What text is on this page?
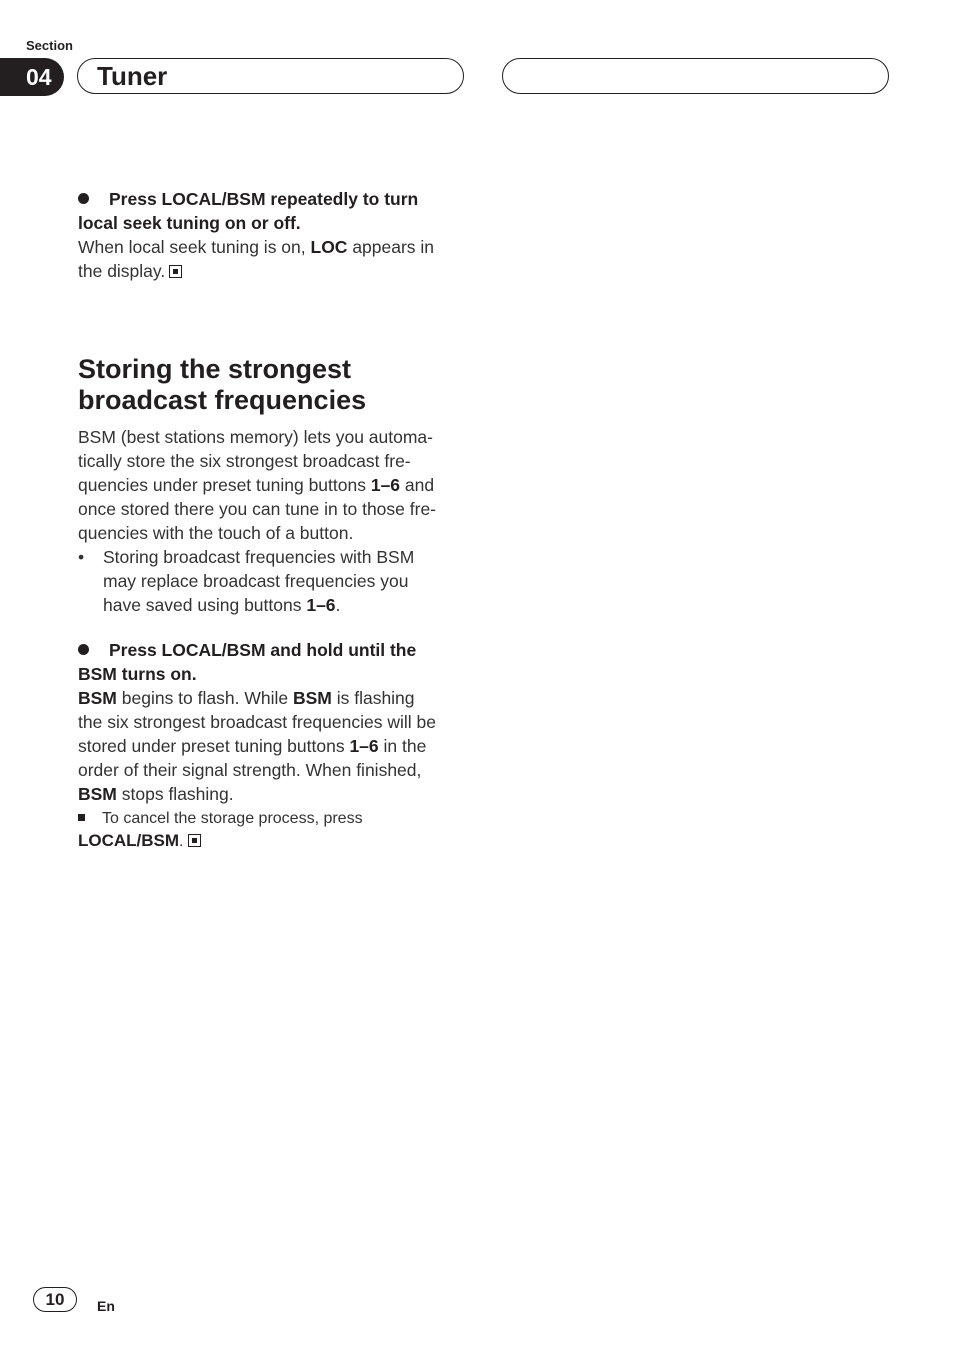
Section
04 Tuner
Press LOCAL/BSM repeatedly to turn
local seek tuning on or off.
When local seek tuning is on, LOC appears in
the display.
Storing the strongest
broadcast frequencies
BSM (best stations memory) lets you automa-
tically store the six strongest broadcast fre-
quencies under preset tuning buttons 1–6 and
once stored there you can tune in to those fre-
quencies with the touch of a button.
• Storing broadcast frequencies with BSM
may replace broadcast frequencies you
have saved using buttons 1–6.
Press LOCAL/BSM and hold until the
BSM turns on.
BSM begins to flash. While BSM is flashing
the six strongest broadcast frequencies will be
stored under preset tuning buttons 1–6 in the
order of their signal strength. When finished,
BSM stops flashing.
To cancel the storage process, press
LOCAL/BSM.
10	En
